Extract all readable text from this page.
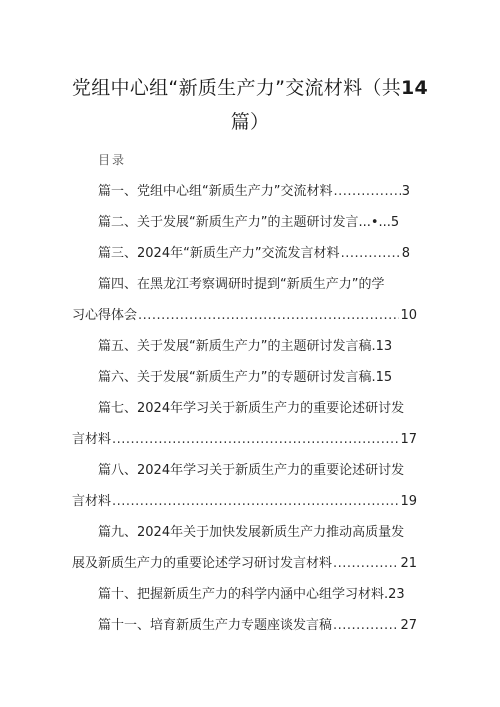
党组中心组“新质生产力”交流材料（共14
篇）
目录
篇一、党组中心组“新质生产力”交流材料 .....	3
篇二、关于发展“新质生产力”的主题研讨发言...•...5
篇三、2024年“新质生产力”交流发言材料 .....	8
篇四、在黑龙江考察调研时提到“新质生产力”的学
习心得体会 .....	10
篇五、关于发展“新质生产力”的主题研讨发言稿.13
篇六、关于发展“新质生产力”的专题研讨发言稿.15
篇七、2024年学习关于新质生产力的重要论述研讨发
言材料 .....	17
篇八、2024年学习关于新质生产力的重要论述研讨发
言材料 .....	19
篇九、2024年关于加快发展新质生产力推动高质量发
展及新质生产力的重要论述学习研讨发言材料 .....	21
篇十、把握新质生产力的科学内涵中心组学习材料.23
篇十一、培育新质生产力专题座谈发言稿 .....	27
